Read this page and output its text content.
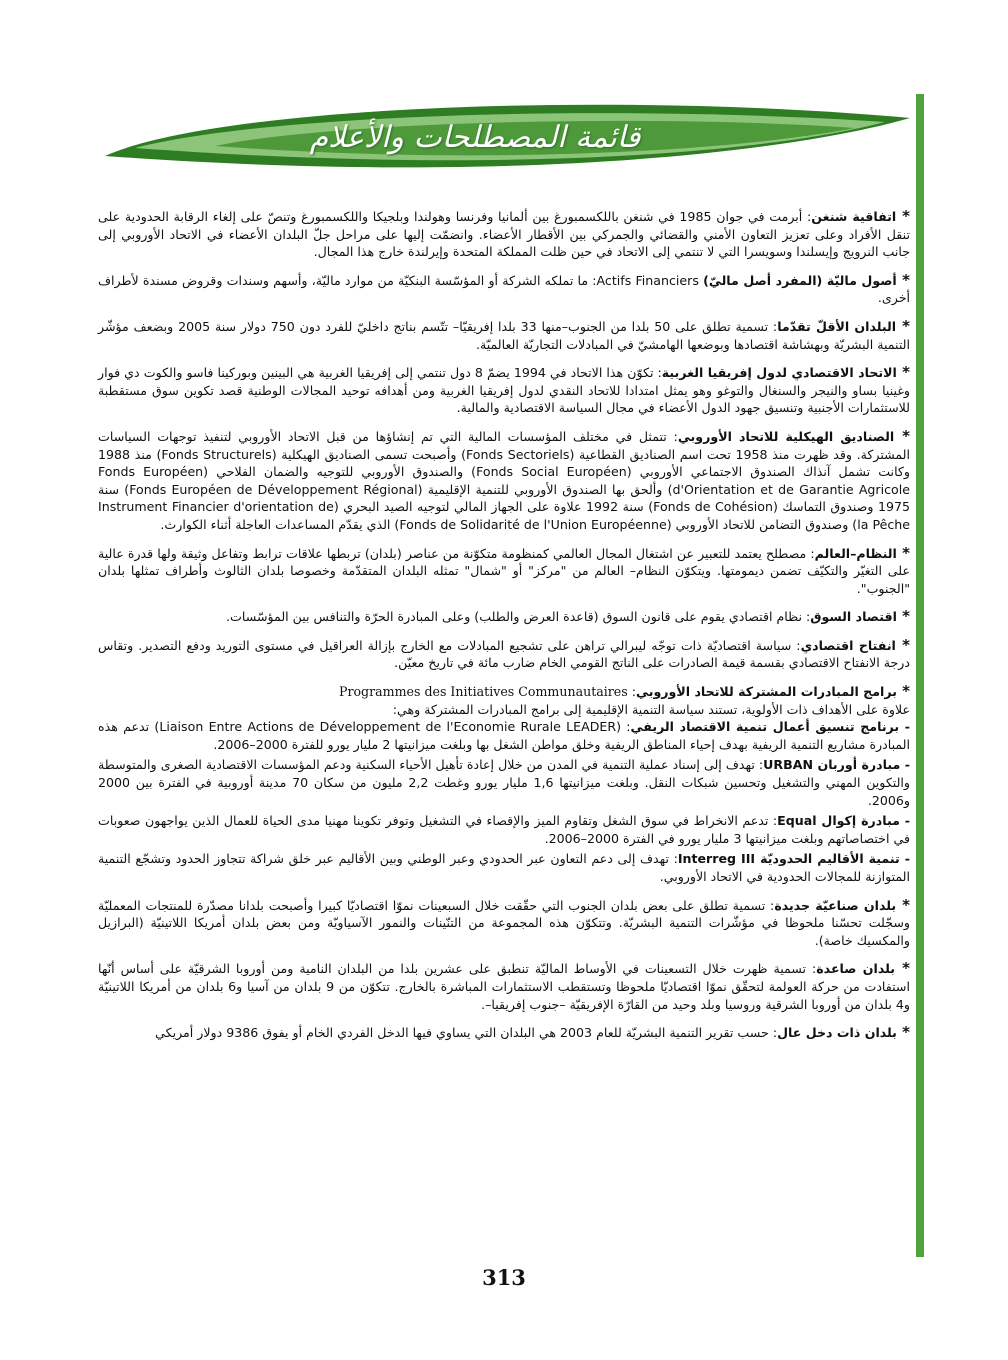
قائمة المصطلحات والأعلام

* اتفاقية شنغن: أبرمت في جوان 1985 في شنغن باللكسمبورغ بين ألمانيا وفرنسا وهولندا وبلجيكا واللكسمبورغ وتنصّ على إلغاء الرقابة الحدودية على تنقل الأفراد وعلى تعزيز التعاون الأمني والقضائي والجمركي بين الأقطار الأعضاء. وانضمّت إليها على مراحل جلّ البلدان الأعضاء في الاتحاد الأوروبي إلى جانب النرويج وإيسلندا وسويسرا التي لا تنتمي إلى الاتحاد في حين ظلت المملكة المتحدة وإيرلندة خارج هذا المجال.

* أصول ماليّة (المفرد أصل ماليّ) Actifs Financiers: ما تملكه الشركة أو المؤسّسة البنكيّة من موارد ماليّة، وأسهم وسندات وقروض مسندة لأطراف أخرى.

* البلدان الأقلّ تقدّما: تسمية تطلق على 50 بلدا من الجنوب–منها 33 بلدا إفريقيّا– تتّسم بناتج داخليّ للفرد دون 750 دولار سنة 2005 وبضعف مؤشّر التنمية البشريّة وبهشاشة اقتصادها وبوضعها الهامشيّ في المبادلات التجاريّة العالميّة.

* الاتحاد الاقتصادي لدول إفريقيا الغربية: تكوّن هذا الاتحاد في 1994 يضمّ 8 دول تنتمي إلى إفريقيا الغربية هي البينين وبوركينا فاسو والكوت دي فوار وغينيا بساو والنيجر والسنغال والتوغو وهو يمثل امتدادا للاتحاد النقدي لدول إفريقيا الغربية ومن أهدافه توحيد المجالات الوطنية قصد تكوين سوق مستقطبة للاستثمارات الأجنبية وتنسيق جهود الدول الأعضاء في مجال السياسة الاقتصادية والمالية.

* الصناديق الهيكلية للاتحاد الأوروبي: تتمثل في مختلف المؤسسات المالية التي تم إنشاؤها من قبل الاتحاد الأوروبي لتنفيذ توجهات السياسات المشتركة. وقد ظهرت منذ 1958 تحت اسم الصناديق القطاعية (Fonds Sectoriels) وأصبحت تسمى الصناديق الهيكلية (Fonds Structurels) منذ 1988 وكانت تشمل آنذاك الصندوق الاجتماعي الأوروبي (Fonds Social Européen) والصندوق الأوروبي للتوجيه والضمان الفلاحي (Fonds Européen d'Orientation et de Garantie Agricole) وألحق بها الصندوق الأوروبي للتنمية الإقليمية (Fonds Européen de Développement Régional) سنة 1975 وصندوق التماسك (Fonds de Cohésion) سنة 1992 علاوة على الجهاز المالي لتوجيه الصيد البحري (Instrument Financier d'orientation de la Pêche) وصندوق التضامن للاتحاد الأوروبي (Fonds de Solidarité de l'Union Européenne) الذي يقدّم المساعدات العاجلة أثناء الكوارث.

* النظام–العالم: مصطلح يعتمد للتعبير عن اشتغال المجال العالمي كمنظومة متكوّنة من عناصر (بلدان) تربطها علاقات ترابط وتفاعل وثيقة ولها قدرة عالية على التغيّر والتكيّف تضمن ديمومتها. ويتكوّن النظام– العالم من "مركز" أو "شمال" تمثله البلدان المتقدّمة وخصوصا بلدان الثالوث وأطراف تمثلها بلدان "الجنوب".

* اقتصاد السوق: نظام اقتصادي يقوم على قانون السوق (قاعدة العرض والطلب) وعلى المبادرة الحرّة والتنافس بين المؤسّسات.

* انفتاح اقتصادي: سياسة اقتصاديّة ذات توجّه ليبرالي تراهن على تشجيع المبادلات مع الخارج بإزالة العراقيل في مستوى التوريد ودفع التصدير. وتقاس درجة الانفتاح الاقتصادي بقسمة قيمة الصادرات على الناتج القومي الخام ضارب مائة في تاريخ معيّن.

* برامج المبادرات المشتركة للاتحاد الأوروبي: Programmes des Initiatives Communautaires

علاوة على الأهداف ذات الأولوية، تستند سياسة التنمية الإقليمية إلى برامج المبادرات المشتركة وهي:

- برنامج تنسيق أعمال تنمية الاقتصاد الريفي: (Liaison Entre Actions de Développement de l'Economie Rurale LEADER) تدعم هذه المبادرة مشاريع التنمية الريفية بهدف إحياء المناطق الريفية وخلق مواطن الشغل بها وبلغت ميزانيتها 2 مليار يورو للفترة 2000–2006.

- مبادرة أوربان URBAN: تهدف إلى إسناد عملية التنمية في المدن من خلال إعادة تأهيل الأحياء السكنية ودعم المؤسسات الاقتصادية الصغرى والمتوسطة والتكوين المهني والتشغيل وتحسين شبكات النقل. وبلغت ميزانيتها 1,6 مليار يورو وغطت 2,2 مليون من سكان 70 مدينة أوروبية في الفترة بين 2000 و2006.

- مبادرة إكوال Equal: تدعم الانخراط في سوق الشغل وتقاوم الميز والإقصاء في التشغيل وتوفر تكوينا مهنيا مدى الحياة للعمال الذين يواجهون صعوبات في اختصاصاتهم وبلغت ميزانيتها 3 مليار يورو في الفترة 2000–2006.

- تنمية الأقاليم الحدوديّة Interreg III: تهدف إلى دعم التعاون عبر الحدودي وعبر الوطني وبين الأقاليم عبر خلق شراكة تتجاوز الحدود وتشجّع التنمية المتوازنة للمجالات الحدودية في الاتحاد الأوروبي.

* بلدان صناعيّة جديدة: تسمية تطلق على بعض بلدان الجنوب التي حقّقت خلال السبعينات نموّا اقتصاديّا كبيرا وأصبحت بلدانا مصدّرة للمنتجات المعمليّة وسجّلت تحسّنا ملحوظا في مؤشّرات التنمية البشريّة. وتتكوّن هذه المجموعة من التنّينات والنمور الآسياويّة ومن بعض بلدان أمريكا اللاتينيّة (البرازيل والمكسيك خاصة).

* بلدان صاعدة: تسمية ظهرت خلال التسعينات في الأوساط الماليّة تنطبق على عشرين بلدا من البلدان النامية ومن أوروبا الشرقيّة على أساس أنّها استفادت من حركة العولمة لتحقّق نموّا اقتصاديّا ملحوظا وتستقطب الاستثمارات المباشرة بالخارج. تتكوّن من 9 بلدان من آسيا و6 بلدان من أمريكا اللاتينيّة و4 بلدان من أوروبا الشرقية وروسيا وبلد وحيد من القارّة الإفريقيّة –جنوب إفريقيا–.

* بلدان ذات دخل عال: حسب تقرير التنمية البشريّة للعام 2003 هي البلدان التي يساوي فيها الدخل الفردي الخام أو يفوق 9386 دولار أمريكي

313
